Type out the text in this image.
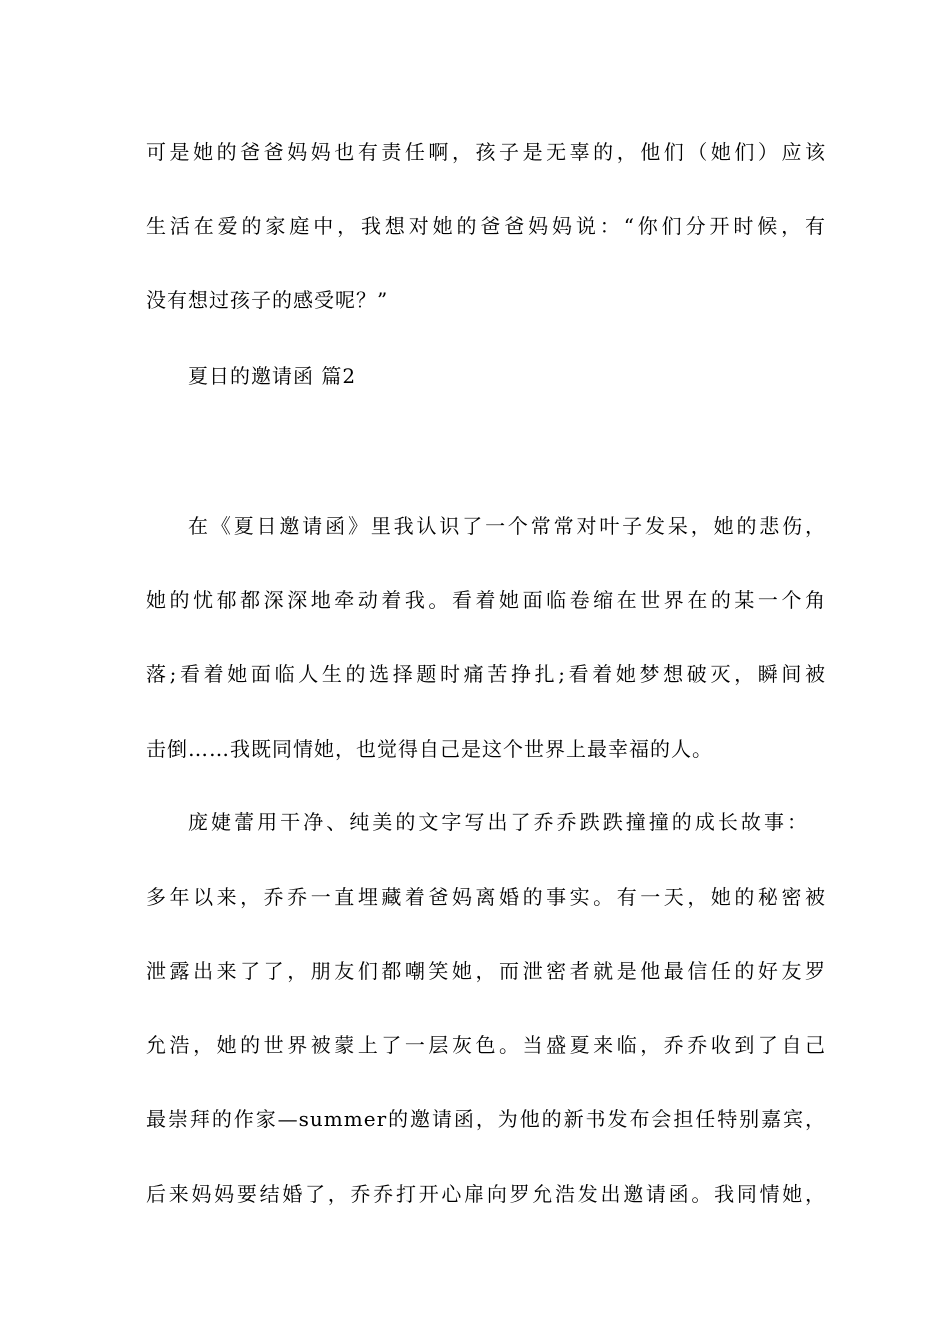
可是她的爸爸妈妈也有责任啊，孩子是无辜的，他们（她们）应该
生活在爱的家庭中，我想对她的爸爸妈妈说：“你们分开时候，有
没有想过孩子的感受呢？”
夏日的邀请函 篇2
在《夏日邀请函》里我认识了一个常常对叶子发呆，她的悲伤，
她的忧郁都深深地牵动着我。看着她面临卷缩在世界在的某一个角
落;看着她面临人生的选择题时痛苦挣扎;看着她梦想破灭，瞬间被
击倒……我既同情她，也觉得自己是这个世界上最幸福的人。
庞婕蕾用干净、纯美的文字写出了乔乔跌跌撞撞的成长故事：
多年以来，乔乔一直埋藏着爸妈离婚的事实。有一天，她的秘密被
泄露出来了了，朋友们都嘲笑她，而泄密者就是他最信任的好友罗
允浩，她的世界被蒙上了一层灰色。当盛夏来临，乔乔收到了自己
最崇拜的作家—summer的邀请函，为他的新书发布会担任特别嘉宾，
后来妈妈要结婚了，乔乔打开心扉向罗允浩发出邀请函。我同情她，
